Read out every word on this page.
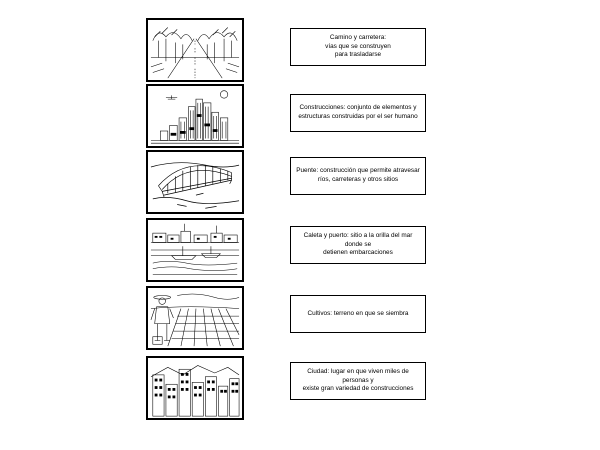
Camino y carretera:
vías que se construyen
para trasladarse
Construcciones: conjunto de elementos y
estructuras construidas por el ser humano
Puente: construcción que permite atravesar
ríos, carreteras y otros sitios
Caleta y puerto: sitio a la orilla del mar donde se
detienen embarcaciones
Cultivos: terreno en que se siembra
Ciudad: lugar en que viven miles de personas y
existe gran variedad de construcciones
